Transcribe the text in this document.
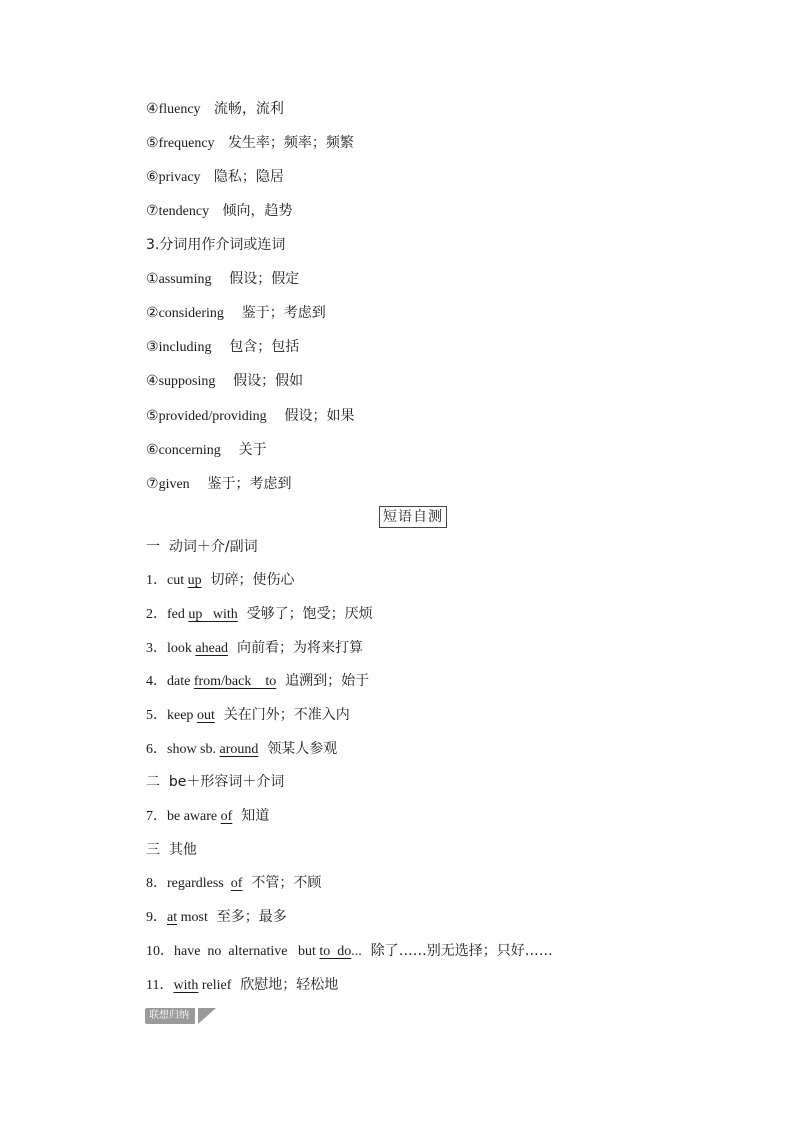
④fluency 流畅，流利
⑤frequency 发生率；频率；频繁
⑥privacy 隐私；隐居
⑦tendency 倾向，趋势
3.分词用作介词或连词
①assuming 假设；假定
②considering 鉴于；考虑到
③including 包含；包括
④supposing 假设；假如
⑤provided/providing 假设；如果
⑥concerning 关于
⑦given 鉴于；考虑到
短语自测
一  动词＋介/副词
1．cut up 切碎；使伤心
2．fed up   with 受够了；饱受；厌烦
3．look ahead 向前看；为将来打算
4．date from/back    to 追溯到；始于
5．keep out 关在门外；不准入内
6．show sb. around 领某人参观
二  be＋形容词＋介词
7．be aware of 知道
三  其他
8．regardless  of 不管；不顾
9．at most 至多；最多
10．have  no  alternative   but to  do... 除了……别无选择；只好……
11．with relief 欣慰地；轻松地
联想归纳
